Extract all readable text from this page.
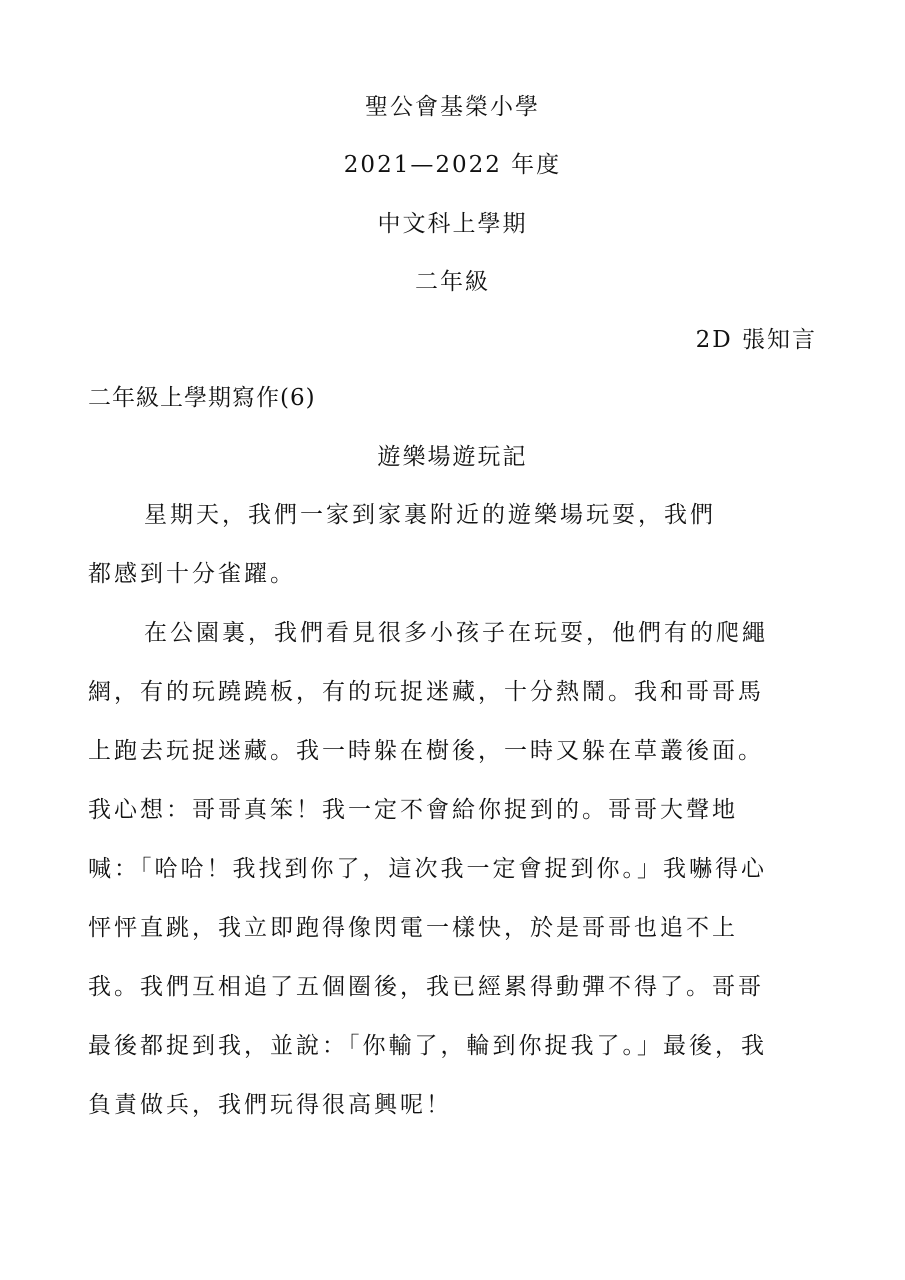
聖公會基榮小學
2021—2022 年度
中文科上學期
二年級
2D 張知言
二年級上學期寫作(6)
遊樂場遊玩記
星期天，我們一家到家裏附近的遊樂場玩耍，我們
都感到十分雀躍。
在公園裏，我們看見很多小孩子在玩耍，他們有的爬繩
網，有的玩蹺蹺板，有的玩捉迷藏，十分熱鬧。我和哥哥馬
上跑去玩捉迷藏。我一時躲在樹後，一時又躲在草叢後面。
我心想：哥哥真笨！我一定不會給你捉到的。哥哥大聲地
喊：「哈哈！我找到你了，這次我一定會捉到你。」我嚇得心
怦怦直跳，我立即跑得像閃電一樣快，於是哥哥也追不上
我。我們互相追了五個圈後，我已經累得動彈不得了。哥哥
最後都捉到我，並說：「你輸了，輪到你捉我了。」最後，我
負責做兵，我們玩得很高興呢！
